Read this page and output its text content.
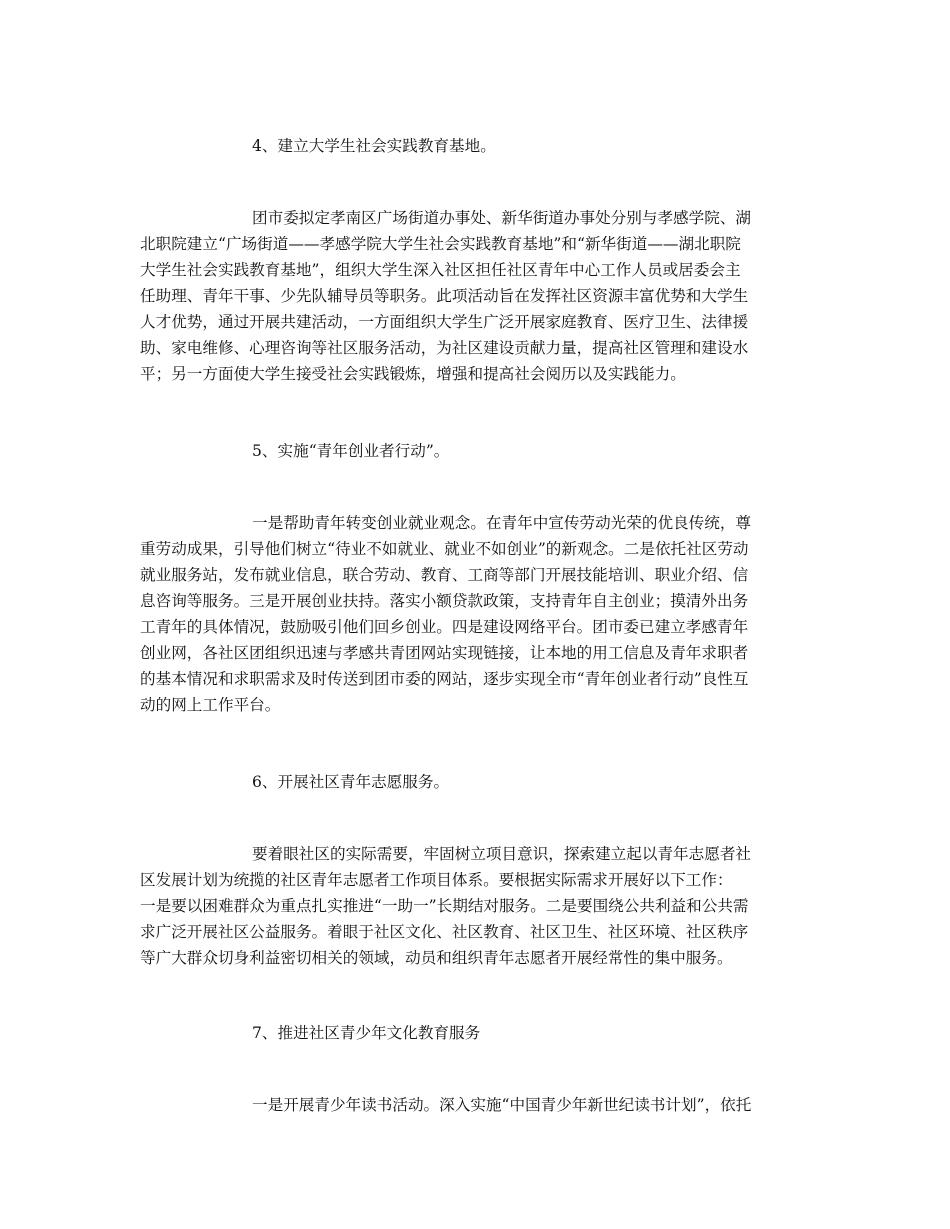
4、建立大学生社会实践教育基地。
团市委拟定孝南区广场街道办事处、新华街道办事处分别与孝感学院、湖
北职院建立“广场街道——孝感学院大学生社会实践教育基地”和“新华街道——湖北职院
大学生社会实践教育基地”，组织大学生深入社区担任社区青年中心工作人员或居委会主
任助理、青年干事、少先队辅导员等职务。此项活动旨在发挥社区资源丰富优势和大学生
人才优势，通过开展共建活动，一方面组织大学生广泛开展家庭教育、医疗卫生、法律援
助、家电维修、心理咨询等社区服务活动，为社区建设贡献力量，提高社区管理和建设水
平；另一方面使大学生接受社会实践锻炼，增强和提高社会阅历以及实践能力。
5、实施“青年创业者行动”。
一是帮助青年转变创业就业观念。在青年中宣传劳动光荣的优良传统，尊
重劳动成果，引导他们树立“待业不如就业、就业不如创业”的新观念。二是依托社区劳动
就业服务站，发布就业信息，联合劳动、教育、工商等部门开展技能培训、职业介绍、信
息咨询等服务。三是开展创业扶持。落实小额贷款政策，支持青年自主创业；摸清外出务
工青年的具体情况，鼓励吸引他们回乡创业。四是建设网络平台。团市委已建立孝感青年
创业网，各社区团组织迅速与孝感共青团网站实现链接，让本地的用工信息及青年求职者
的基本情况和求职需求及时传送到团市委的网站，逐步实现全市“青年创业者行动”良性互
动的网上工作平台。
6、开展社区青年志愿服务。
要着眼社区的实际需要，牢固树立项目意识，探索建立起以青年志愿者社
区发展计划为统揽的社区青年志愿者工作项目体系。要根据实际需求开展好以下工作：
一是要以困难群众为重点扎实推进“一助一”长期结对服务。二是要围绕公共利益和公共需
求广泛开展社区公益服务。着眼于社区文化、社区教育、社区卫生、社区环境、社区秩序
等广大群众切身利益密切相关的领域，动员和组织青年志愿者开展经常性的集中服务。
7、推进社区青少年文化教育服务
一是开展青少年读书活动。深入实施“中国青少年新世纪读书计划”，依托
